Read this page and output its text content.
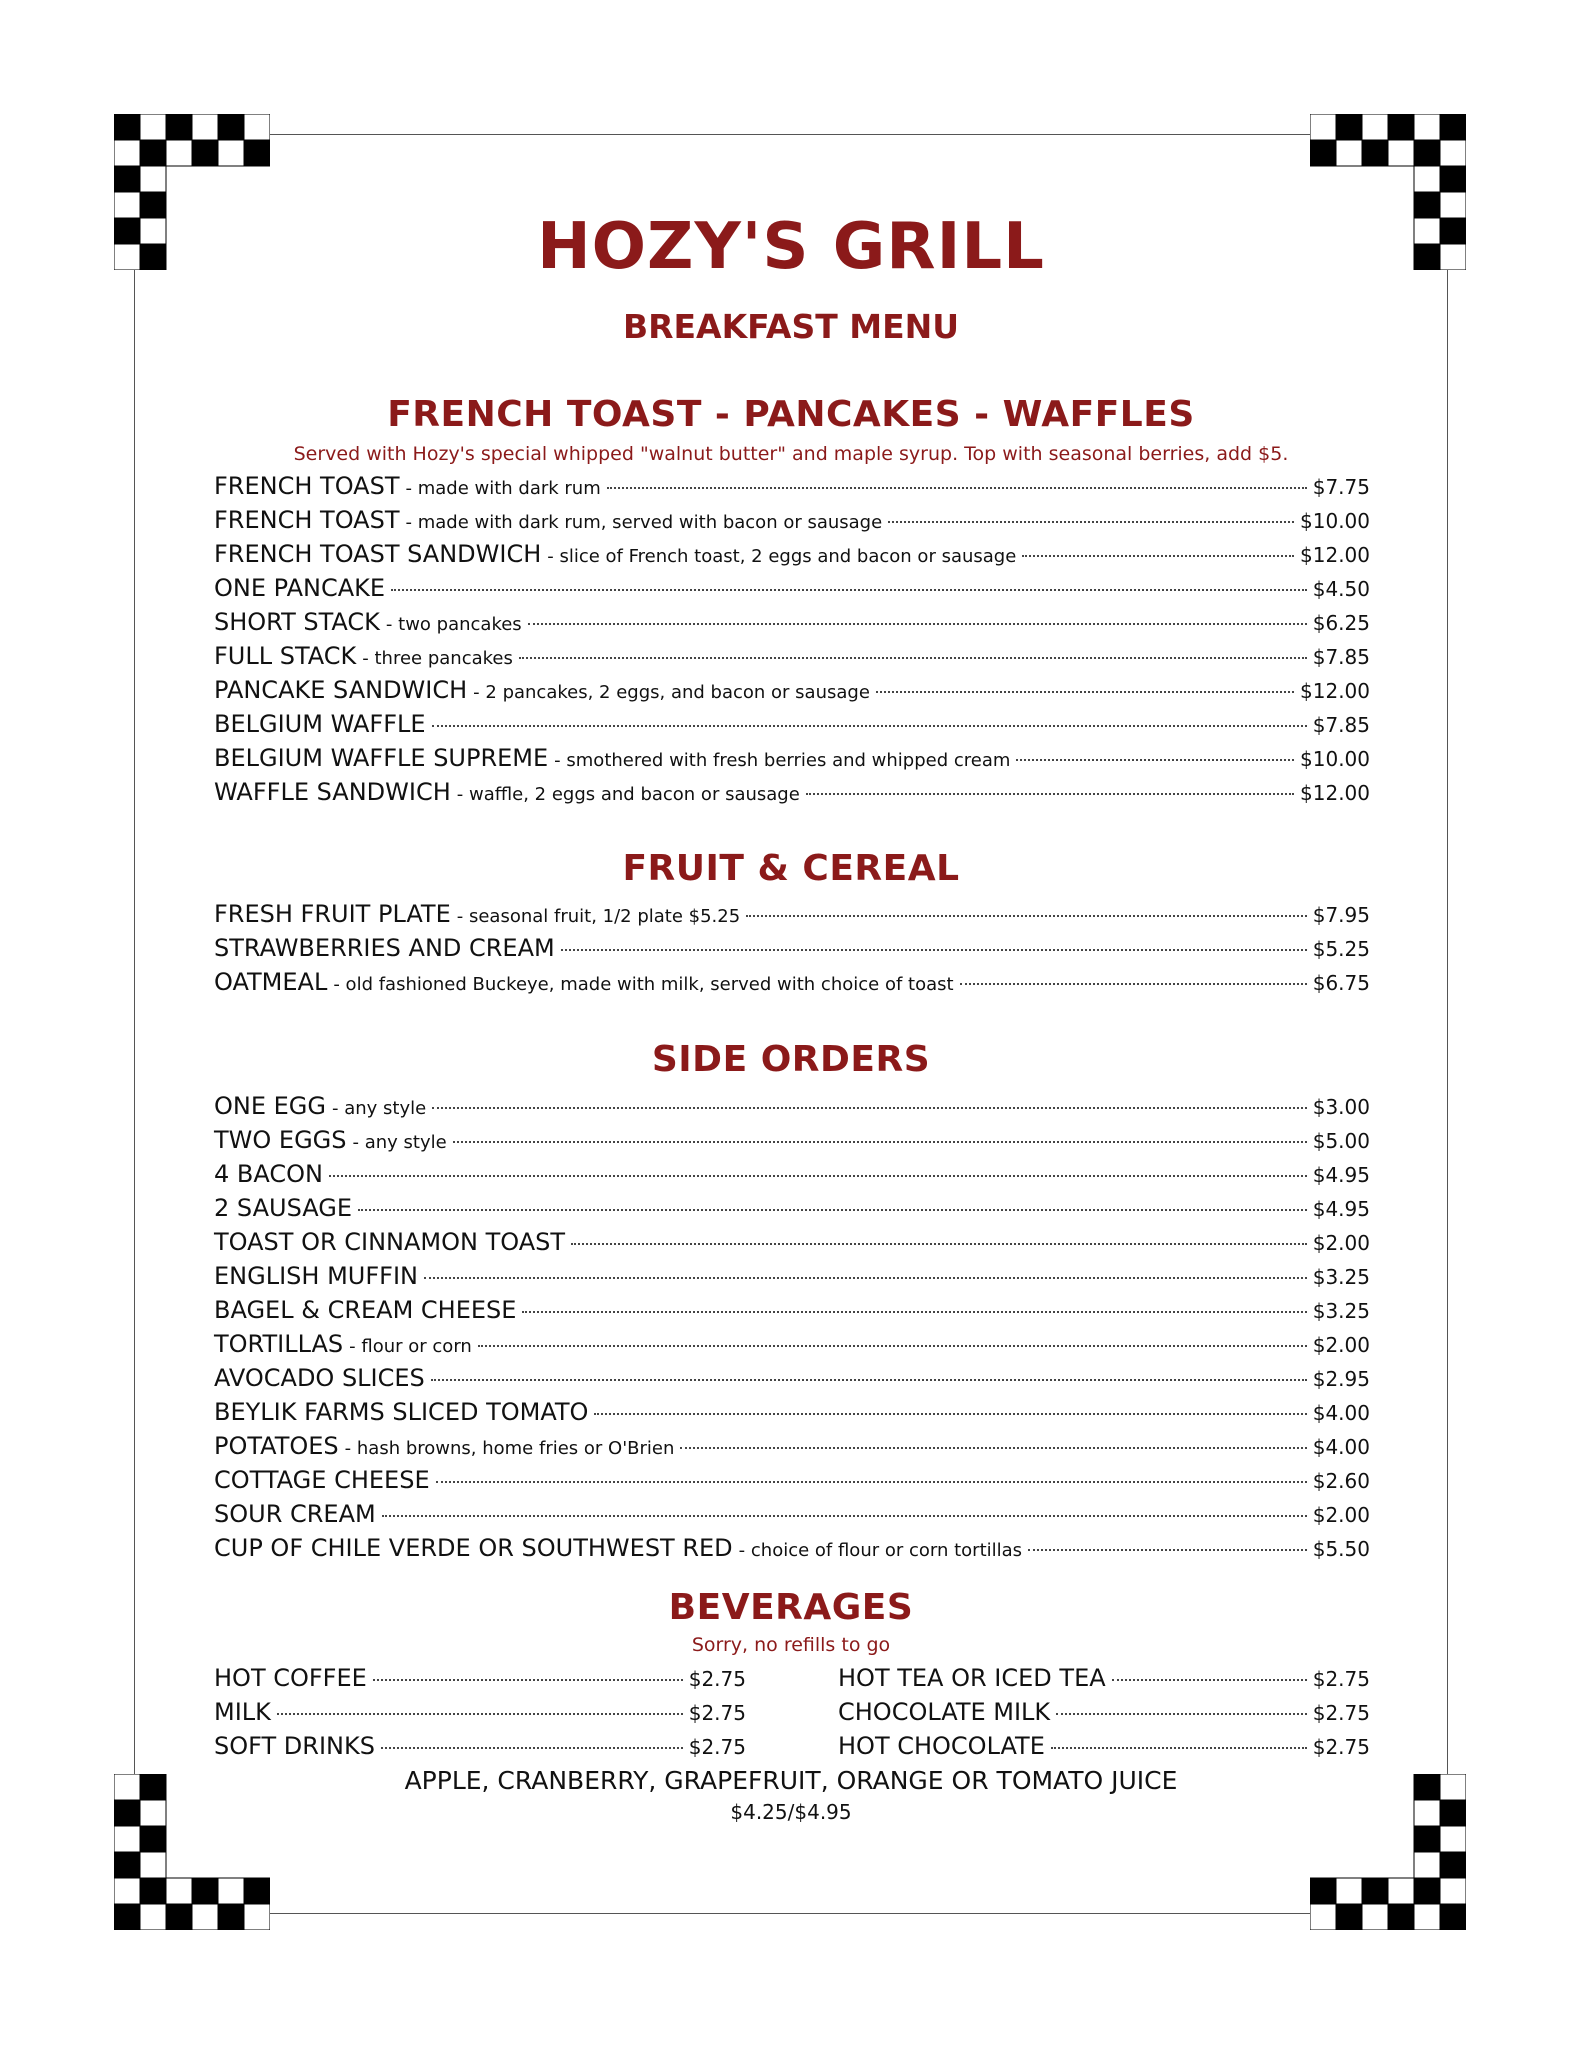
HOZY'S GRILL
BREAKFAST MENU
FRENCH TOAST - PANCAKES - WAFFLES
Served with Hozy's special whipped "walnut butter" and maple syrup. Top with seasonal berries, add $5.
FRENCH TOAST - made with dark rum	$7.75
FRENCH TOAST - made with dark rum, served with bacon or sausage	$10.00
FRENCH TOAST SANDWICH - slice of French toast, 2 eggs and bacon or sausage	$12.00
ONE PANCAKE	$4.50
SHORT STACK - two pancakes	$6.25
FULL STACK - three pancakes	$7.85
PANCAKE SANDWICH - 2 pancakes, 2 eggs, and bacon or sausage	$12.00
BELGIUM WAFFLE	$7.85
BELGIUM WAFFLE SUPREME - smothered with fresh berries and whipped cream	$10.00
WAFFLE SANDWICH - waffle, 2 eggs and bacon or sausage	$12.00
FRUIT & CEREAL
FRESH FRUIT PLATE - seasonal fruit, 1/2 plate $5.25	$7.95
STRAWBERRIES AND CREAM	$5.25
OATMEAL - old fashioned Buckeye, made with milk, served with choice of toast	$6.75
SIDE ORDERS
ONE EGG - any style	$3.00
TWO EGGS - any style	$5.00
4 BACON	$4.95
2 SAUSAGE	$4.95
TOAST OR CINNAMON TOAST	$2.00
ENGLISH MUFFIN	$3.25
BAGEL & CREAM CHEESE	$3.25
TORTILLAS - flour or corn	$2.00
AVOCADO SLICES	$2.95
BEYLIK FARMS SLICED TOMATO	$4.00
POTATOES - hash browns, home fries or O'Brien	$4.00
COTTAGE CHEESE	$2.60
SOUR CREAM	$2.00
CUP OF CHILE VERDE OR SOUTHWEST RED - choice of flour or corn tortillas	$5.50
BEVERAGES
Sorry, no refills to go
HOT COFFEE	$2.75
MILK	$2.75
SOFT DRINKS	$2.75
HOT TEA OR ICED TEA	$2.75
CHOCOLATE MILK	$2.75
HOT CHOCOLATE	$2.75
APPLE, CRANBERRY, GRAPEFRUIT, ORANGE OR TOMATO JUICE
$4.25/$4.95
